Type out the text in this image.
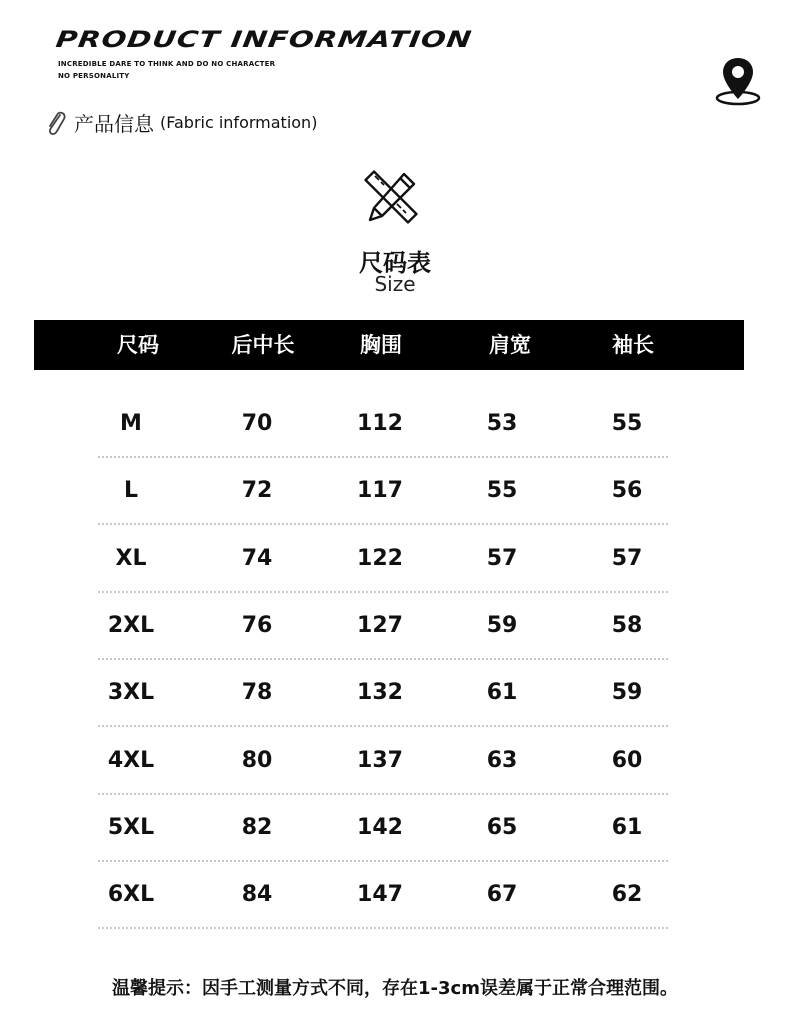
PRODUCT INFORMATION
INCREDIBLE DARE TO THINK AND DO NO CHARACTER
NO PERSONALITY
产品信息 (Fabric information)
尺码表
Size
尺码	后中长	胸围	肩宽	袖长
M	70	112	53	55
L	72	117	55	56
XL	74	122	57	57
2XL	76	127	59	58
3XL	78	132	61	59
4XL	80	137	63	60
5XL	82	142	65	61
6XL	84	147	67	62
温馨提示：因手工测量方式不同，存在1-3cm误差属于正常合理范围。
